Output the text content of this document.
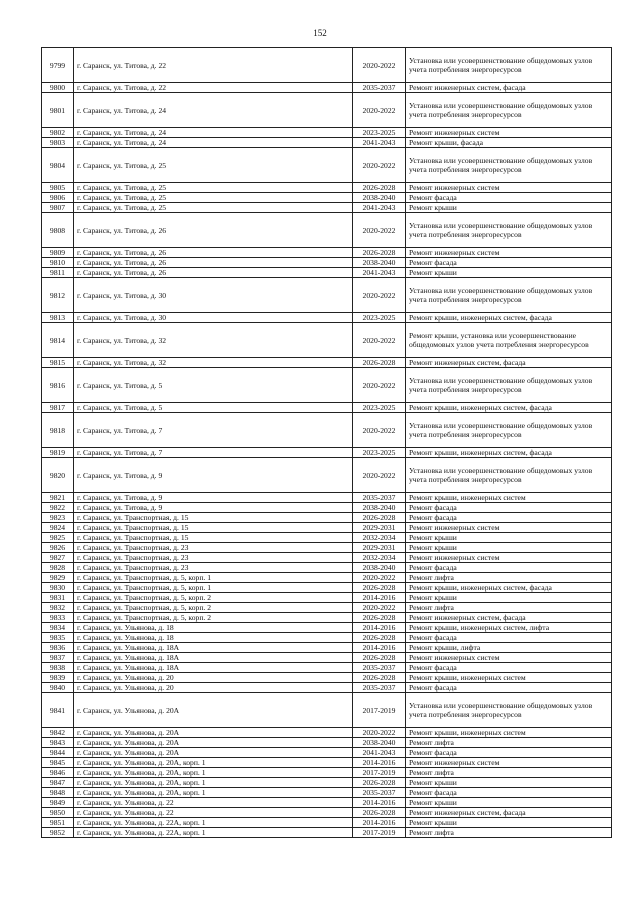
152
9799	г. Саранск, ул. Титова, д. 22	2020-2022	Установка или усовершенствование общедомовых узлов учета потребления энергоресурсов
9800	г. Саранск, ул. Титова, д. 22	2035-2037	Ремонт инженерных систем, фасада
9801	г. Саранск, ул. Титова, д. 24	2020-2022	Установка или усовершенствование общедомовых узлов учета потребления энергоресурсов
9802	г. Саранск, ул. Титова, д. 24	2023-2025	Ремонт инженерных систем
9803	г. Саранск, ул. Титова, д. 24	2041-2043	Ремонт крыши, фасада
9804	г. Саранск, ул. Титова, д. 25	2020-2022	Установка или усовершенствование общедомовых узлов учета потребления энергоресурсов
9805	г. Саранск, ул. Титова, д. 25	2026-2028	Ремонт инженерных систем
9806	г. Саранск, ул. Титова, д. 25	2038-2040	Ремонт фасада
9807	г. Саранск, ул. Титова, д. 25	2041-2043	Ремонт крыши
9808	г. Саранск, ул. Титова, д. 26	2020-2022	Установка или усовершенствование общедомовых узлов учета потребления энергоресурсов
9809	г. Саранск, ул. Титова, д. 26	2026-2028	Ремонт инженерных систем
9810	г. Саранск, ул. Титова, д. 26	2038-2040	Ремонт фасада
9811	г. Саранск, ул. Титова, д. 26	2041-2043	Ремонт крыши
9812	г. Саранск, ул. Титова, д. 30	2020-2022	Установка или усовершенствование общедомовых узлов учета потребления энергоресурсов
9813	г. Саранск, ул. Титова, д. 30	2023-2025	Ремонт крыши, инженерных систем, фасада
9814	г. Саранск, ул. Титова, д. 32	2020-2022	Ремонт крыши, установка или усовершенствование общедомовых узлов учета потребления энергоресурсов
9815	г. Саранск, ул. Титова, д. 32	2026-2028	Ремонт инженерных систем, фасада
9816	г. Саранск, ул. Титова, д. 5	2020-2022	Установка или усовершенствование общедомовых узлов учета потребления энергоресурсов
9817	г. Саранск, ул. Титова, д. 5	2023-2025	Ремонт крыши, инженерных систем, фасада
9818	г. Саранск, ул. Титова, д. 7	2020-2022	Установка или усовершенствование общедомовых узлов учета потребления энергоресурсов
9819	г. Саранск, ул. Титова, д. 7	2023-2025	Ремонт крыши, инженерных систем, фасада
9820	г. Саранск, ул. Титова, д. 9	2020-2022	Установка или усовершенствование общедомовых узлов учета потребления энергоресурсов
9821	г. Саранск, ул. Титова, д. 9	2035-2037	Ремонт крыши, инженерных систем
9822	г. Саранск, ул. Титова, д. 9	2038-2040	Ремонт фасада
9823	г. Саранск, ул. Транспортная, д. 15	2026-2028	Ремонт фасада
9824	г. Саранск, ул. Транспортная, д. 15	2029-2031	Ремонт инженерных систем
9825	г. Саранск, ул. Транспортная, д. 15	2032-2034	Ремонт крыши
9826	г. Саранск, ул. Транспортная, д. 23	2029-2031	Ремонт крыши
9827	г. Саранск, ул. Транспортная, д. 23	2032-2034	Ремонт инженерных систем
9828	г. Саранск, ул. Транспортная, д. 23	2038-2040	Ремонт фасада
9829	г. Саранск, ул. Транспортная, д. 5, корп. 1	2020-2022	Ремонт лифта
9830	г. Саранск, ул. Транспортная, д. 5, корп. 1	2026-2028	Ремонт крыши, инженерных систем, фасада
9831	г. Саранск, ул. Транспортная, д. 5, корп. 2	2014-2016	Ремонт крыши
9832	г. Саранск, ул. Транспортная, д. 5, корп. 2	2020-2022	Ремонт лифта
9833	г. Саранск, ул. Транспортная, д. 5, корп. 2	2026-2028	Ремонт инженерных систем, фасада
9834	г. Саранск, ул. Ульянова, д. 18	2014-2016	Ремонт крыши, инженерных систем, лифта
9835	г. Саранск, ул. Ульянова, д. 18	2026-2028	Ремонт фасада
9836	г. Саранск, ул. Ульянова, д. 18А	2014-2016	Ремонт крыши, лифта
9837	г. Саранск, ул. Ульянова, д. 18А	2026-2028	Ремонт инженерных систем
9838	г. Саранск, ул. Ульянова, д. 18А	2035-2037	Ремонт фасада
9839	г. Саранск, ул. Ульянова, д. 20	2026-2028	Ремонт крыши, инженерных систем
9840	г. Саранск, ул. Ульянова, д. 20	2035-2037	Ремонт фасада
9841	г. Саранск, ул. Ульянова, д. 20А	2017-2019	Установка или усовершенствование общедомовых узлов учета потребления энергоресурсов
9842	г. Саранск, ул. Ульянова, д. 20А	2020-2022	Ремонт крыши, инженерных систем
9843	г. Саранск, ул. Ульянова, д. 20А	2038-2040	Ремонт лифта
9844	г. Саранск, ул. Ульянова, д. 20А	2041-2043	Ремонт фасада
9845	г. Саранск, ул. Ульянова, д. 20А, корп. 1	2014-2016	Ремонт инженерных систем
9846	г. Саранск, ул. Ульянова, д. 20А, корп. 1	2017-2019	Ремонт лифта
9847	г. Саранск, ул. Ульянова, д. 20А, корп. 1	2026-2028	Ремонт крыши
9848	г. Саранск, ул. Ульянова, д. 20А, корп. 1	2035-2037	Ремонт фасада
9849	г. Саранск, ул. Ульянова, д. 22	2014-2016	Ремонт крыши
9850	г. Саранск, ул. Ульянова, д. 22	2026-2028	Ремонт инженерных систем, фасада
9851	г. Саранск, ул. Ульянова, д. 22А, корп. 1	2014-2016	Ремонт крыши
9852	г. Саранск, ул. Ульянова, д. 22А, корп. 1	2017-2019	Ремонт лифта
